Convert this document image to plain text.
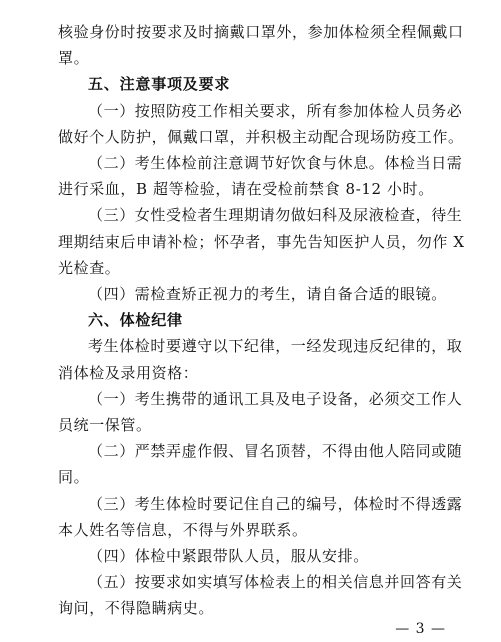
核验身份时按要求及时摘戴口罩外，参加体检须全程佩戴口
罩。
五、注意事项及要求
（一）按照防疫工作相关要求，所有参加体检人员务必
做好个人防护，佩戴口罩，并积极主动配合现场防疫工作。
（二）考生体检前注意调节好饮食与休息。体检当日需
进行采血，B 超等检验，请在受检前禁食 8-12 小时。
（三）女性受检者生理期请勿做妇科及尿液检查，待生
理期结束后申请补检；怀孕者，事先告知医护人员，勿作 X
光检查。
（四）需检查矫正视力的考生，请自备合适的眼镜。
六、体检纪律
考生体检时要遵守以下纪律，一经发现违反纪律的，取
消体检及录用资格：
（一）考生携带的通讯工具及电子设备，必须交工作人
员统一保管。
（二）严禁弄虚作假、冒名顶替，不得由他人陪同或随
同。
（三）考生体检时要记住自己的编号，体检时不得透露
本人姓名等信息，不得与外界联系。
（四）体检中紧跟带队人员，服从安排。
（五）按要求如实填写体检表上的相关信息并回答有关
询问，不得隐瞒病史。
— 3 —
